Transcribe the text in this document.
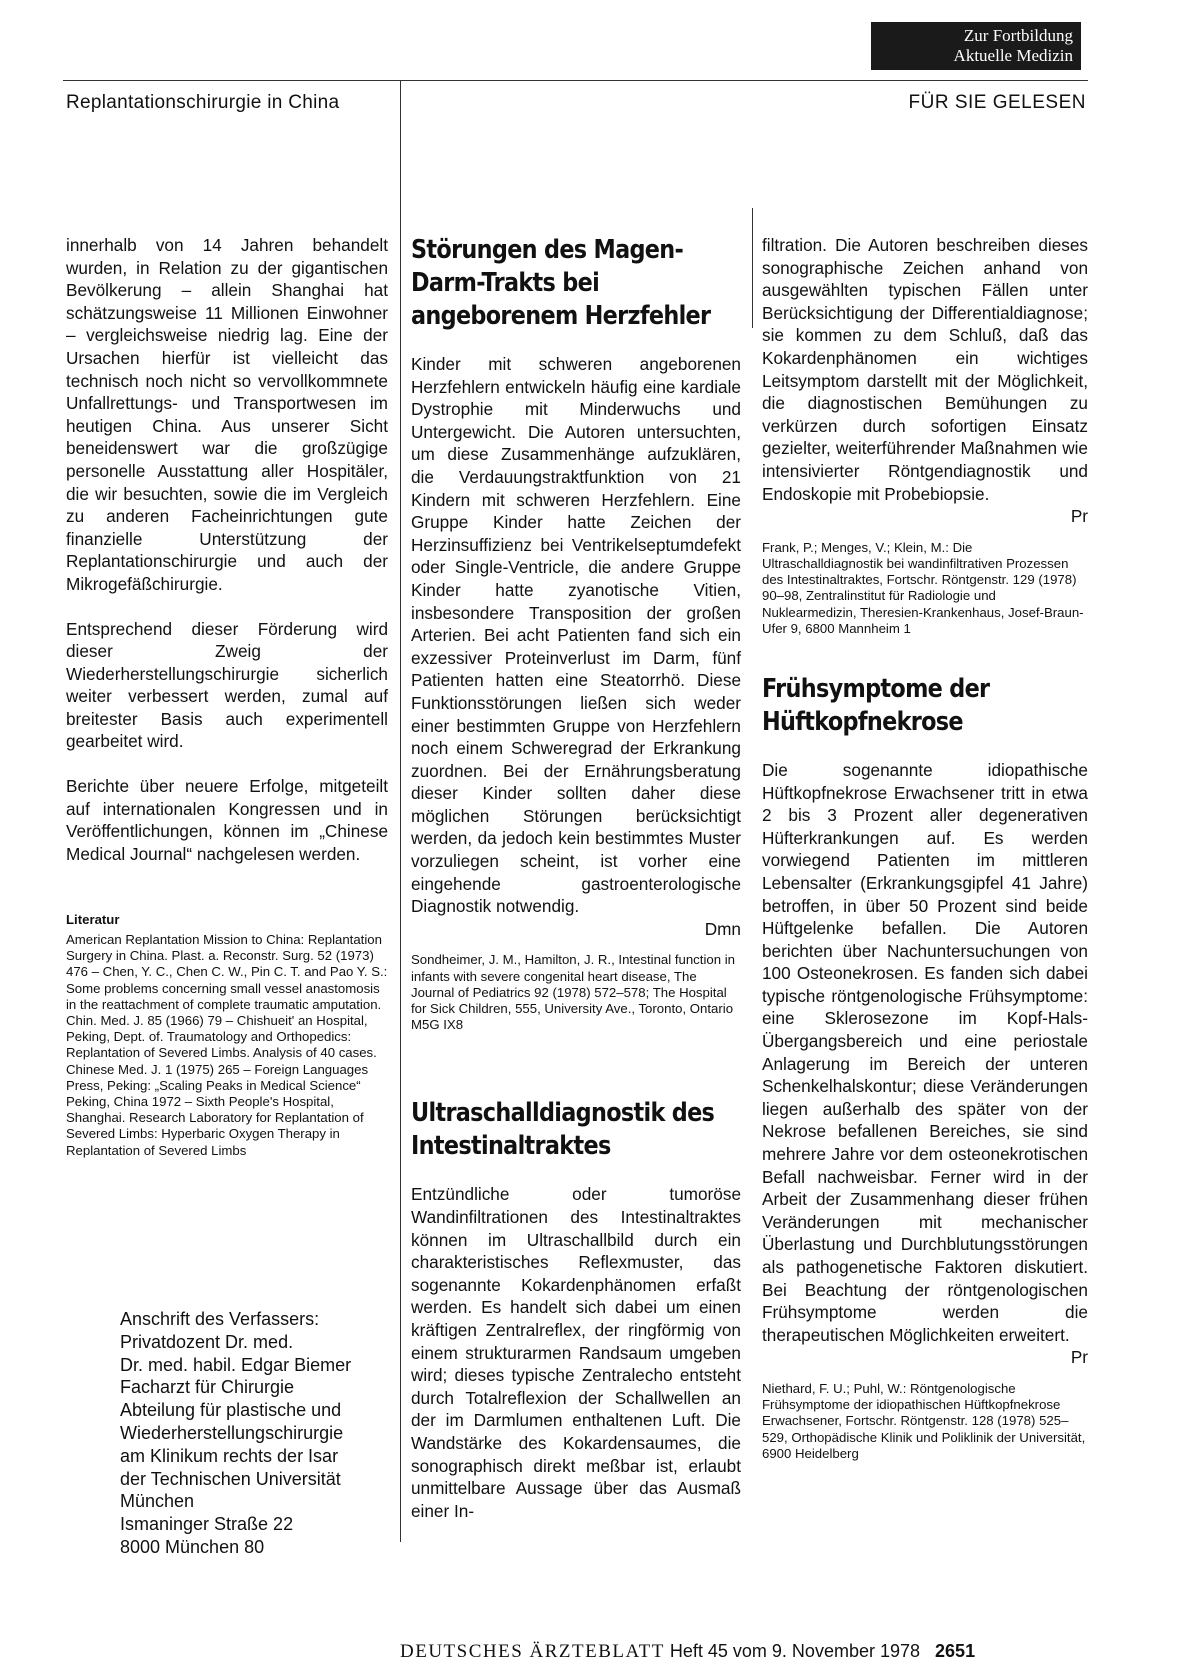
Zur Fortbildung
Aktuelle Medizin
Replantationschirurgie in China	FÜR SIE GELESEN

innerhalb von 14 Jahren behandelt wurden, in Relation zu der gigantischen Bevölkerung – allein Shanghai hat schätzungsweise 11 Millionen Einwohner – vergleichsweise niedrig lag. Eine der Ursachen hierfür ist vielleicht das technisch noch nicht so vervollkommnete Unfallrettungs- und Transportwesen im heutigen China. Aus unserer Sicht beneidenswert war die großzügige personelle Ausstattung aller Hospitäler, die wir besuchten, sowie die im Vergleich zu anderen Facheinrichtungen gute finanzielle Unterstützung der Replantationschirurgie und auch der Mikrogefäßchirurgie.

Entsprechend dieser Förderung wird dieser Zweig der Wiederherstellungschirurgie sicherlich weiter verbessert werden, zumal auf breitester Basis auch experimentell gearbeitet wird.

Berichte über neuere Erfolge, mitgeteilt auf internationalen Kongressen und in Veröffentlichungen, können im „Chinese Medical Journal“ nachgelesen werden.

Literatur

American Replantation Mission to China: Replantation Surgery in China. Plast. a. Reconstr. Surg. 52 (1973) 476 – Chen, Y. C., Chen C. W., Pin C. T. and Pao Y. S.: Some problems concerning small vessel anastomosis in the reattachment of complete traumatic amputation. Chin. Med. J. 85 (1966) 79 – Chishueit' an Hospital, Peking, Dept. of. Traumatology and Orthopedics: Replantation of Severed Limbs. Analysis of 40 cases. Chinese Med. J. 1 (1975) 265 – Foreign Languages Press, Peking: „Scaling Peaks in Medical Science“ Peking, China 1972 – Sixth People's Hospital, Shanghai. Research Laboratory for Replantation of Severed Limbs: Hyperbaric Oxygen Therapy in Replantation of Severed Limbs

Anschrift des Verfassers:
Privatdozent Dr. med.
Dr. med. habil. Edgar Biemer
Facharzt für Chirurgie
Abteilung für plastische und
Wiederherstellungschirurgie
am Klinikum rechts der Isar
der Technischen Universität
München
Ismaninger Straße 22
8000 München 80
Störungen des Magen-Darm-Trakts bei angeborenem Herzfehler

Kinder mit schweren angeborenen Herzfehlern entwickeln häufig eine kardiale Dystrophie mit Minderwuchs und Untergewicht. Die Autoren untersuchten, um diese Zusammenhänge aufzuklären, die Verdauungstraktfunktion von 21 Kindern mit schweren Herzfehlern. Eine Gruppe Kinder hatte Zeichen der Herzinsuffizienz bei Ventrikelseptumdefekt oder Single-Ventricle, die andere Gruppe Kinder hatte zyanotische Vitien, insbesondere Transposition der großen Arterien. Bei acht Patienten fand sich ein exzessiver Proteinverlust im Darm, fünf Patienten hatten eine Steatorrhö. Diese Funktionsstörungen ließen sich weder einer bestimmten Gruppe von Herzfehlern noch einem Schweregrad der Erkrankung zuordnen. Bei der Ernährungsberatung dieser Kinder sollten daher diese möglichen Störungen berücksichtigt werden, da jedoch kein bestimmtes Muster vorzuliegen scheint, ist vorher eine eingehende gastroenterologische Diagnostik notwendig.
Dmn

Sondheimer, J. M., Hamilton, J. R., Intestinal function in infants with severe congenital heart disease, The Journal of Pediatrics 92 (1978) 572–578; The Hospital for Sick Children, 555, University Ave., Toronto, Ontario M5G IX8

Ultraschalldiagnostik des Intestinaltraktes

Entzündliche oder tumoröse Wandinfiltrationen des Intestinaltraktes können im Ultraschallbild durch ein charakteristisches Reflexmuster, das sogenannte Kokardenphänomen erfaßt werden. Es handelt sich dabei um einen kräftigen Zentralreflex, der ringförmig von einem strukturarmen Randsaum umgeben wird; dieses typische Zentralecho entsteht durch Totalreflexion der Schallwellen an der im Darmlumen enthaltenen Luft. Die Wandstärke des Kokardensaumes, die sonographisch direkt meßbar ist, erlaubt unmittelbare Aussage über das Ausmaß einer In-

filtration. Die Autoren beschreiben dieses sonographische Zeichen anhand von ausgewählten typischen Fällen unter Berücksichtigung der Differentialdiagnose; sie kommen zu dem Schluß, daß das Kokardenphänomen ein wichtiges Leitsymptom darstellt mit der Möglichkeit, die diagnostischen Bemühungen zu verkürzen durch sofortigen Einsatz gezielter, weiterführender Maßnahmen wie intensivierter Röntgendiagnostik und Endoskopie mit Probebiopsie.
Pr

Frank, P.; Menges, V.; Klein, M.: Die Ultraschalldiagnostik bei wandinfiltrativen Prozessen des Intestinaltraktes, Fortschr. Röntgenstr. 129 (1978) 90–98, Zentralinstitut für Radiologie und Nuklearmedizin, Theresien-Krankenhaus, Josef-Braun-Ufer 9, 6800 Mannheim 1

Frühsymptome der Hüftkopfnekrose

Die sogenannte idiopathische Hüftkopfnekrose Erwachsener tritt in etwa 2 bis 3 Prozent aller degenerativen Hüfterkrankungen auf. Es werden vorwiegend Patienten im mittleren Lebensalter (Erkrankungsgipfel 41 Jahre) betroffen, in über 50 Prozent sind beide Hüftgelenke befallen. Die Autoren berichten über Nachuntersuchungen von 100 Osteonekrosen. Es fanden sich dabei typische röntgenologische Frühsymptome: eine Sklerosezone im Kopf-Hals-Übergangsbereich und eine periostale Anlagerung im Bereich der unteren Schenkelhalskontur; diese Veränderungen liegen außerhalb des später von der Nekrose befallenen Bereiches, sie sind mehrere Jahre vor dem osteonekrotischen Befall nachweisbar. Ferner wird in der Arbeit der Zusammenhang dieser frühen Veränderungen mit mechanischer Überlastung und Durchblutungsstörungen als pathogenetische Faktoren diskutiert. Bei Beachtung der röntgenologischen Frühsymptome werden die therapeutischen Möglichkeiten erweitert.
Pr

Niethard, F. U.; Puhl, W.: Röntgenologische Frühsymptome der idiopathischen Hüftkopfnekrose Erwachsener, Fortschr. Röntgenstr. 128 (1978) 525–529, Orthopädische Klinik und Poliklinik der Universität, 6900 Heidelberg

DEUTSCHES ÄRZTEBLATT Heft 45 vom 9. November 1978 2651
